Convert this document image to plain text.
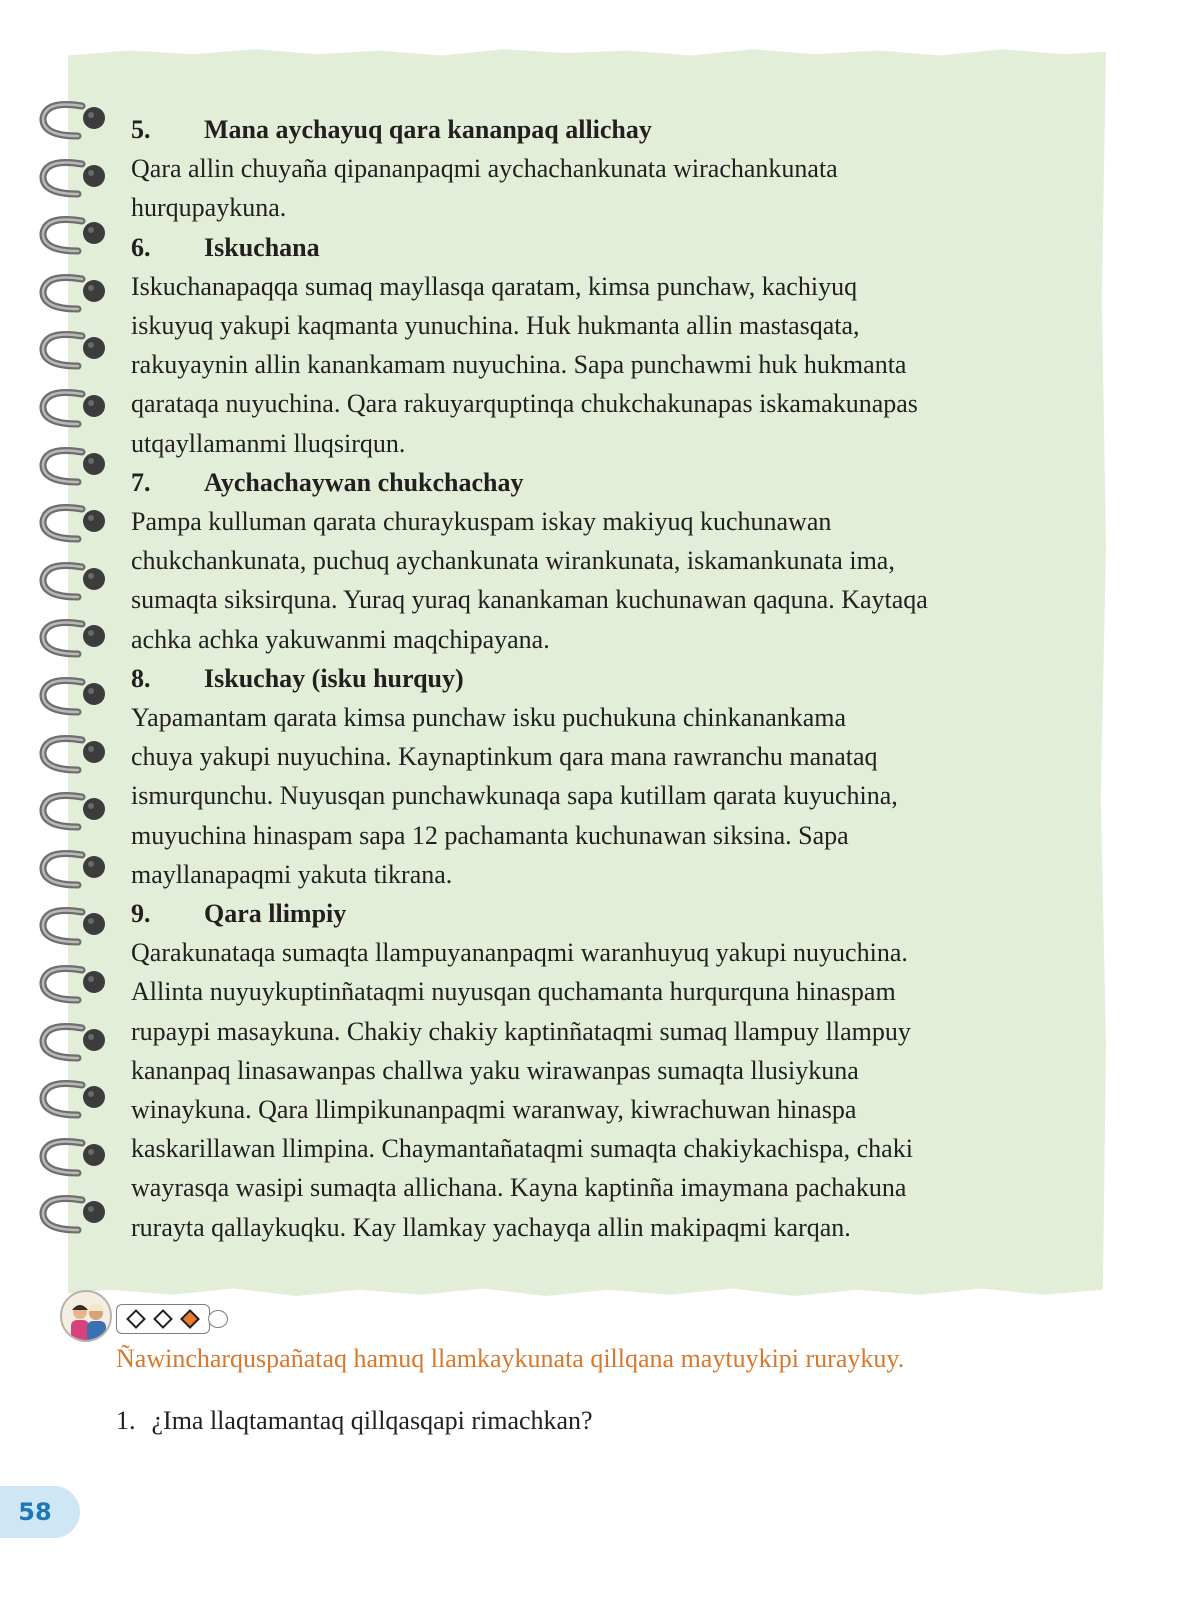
5.	Mana aychayuq qara kananpaq allichay
Qara allin chuyaña qipananpaqmi aychachankunata wirachankunata
hurqupaykuna.
6.	Iskuchana
Iskuchanapaqqa sumaq mayllasqa qaratam, kimsa punchaw, kachiyuq
iskuyuq yakupi kaqmanta yunuchina. Huk hukmanta allin mastasqata,
rakuyaynin allin kanankamam nuyuchina. Sapa punchawmi huk hukmanta
qarataqa nuyuchina. Qara rakuyarquptinqa chukchakunapas iskamakunapas
utqayllamanmi lluqsirqun.
7.	Aychachaywan chukchachay
Pampa kulluman qarata churaykuspam iskay makiyuq kuchunawan
chukchankunata, puchuq aychankunata wirankunata, iskamankunata ima,
sumaqta siksirquna. Yuraq yuraq kanankaman kuchunawan qaquna. Kaytaqa
achka achka yakuwanmi maqchipayana.
8.	Iskuchay (isku hurquy)
Yapamantam qarata kimsa punchaw isku puchukuna chinkanankama
chuya yakupi nuyuchina. Kaynaptinkum qara mana rawranchu manataq
ismurqunchu. Nuyusqan punchawkunaqa sapa kutillam qarata kuyuchina,
muyuchina hinaspam sapa 12 pachamanta kuchunawan siksina. Sapa
mayllanapaqmi yakuta tikrana.
9.	Qara llimpiy
Qarakunataqa sumaqta llampuyananpaqmi waranhuyuq yakupi nuyuchina.
Allinta nuyuykuptinñataqmi nuyusqan quchamanta hurqurquna hinaspam
rupaypi masaykuna. Chakiy chakiy kaptinñataqmi sumaq llampuy llampuy
kananpaq linasawanpas challwa yaku wirawanpas sumaqta llusiykuna
winaykuna. Qara llimpikunanpaqmi waranway, kiwrachuwan hinaspa
kaskarillawan llimpina. Chaymantañataqmi sumaqta chakiykachispa, chaki
wayrasqa wasipi sumaqta allichana. Kayna kaptinña imaymana pachakuna
rurayta qallaykuqku. Kay llamkay yachayqa allin makipaqmi karqan.
Ñawincharquspañataq hamuq llamkaykunata qillqana maytuykipi ruraykuy.
1. ¿Ima llaqtamantaq qillqasqapi rimachkan?
58
